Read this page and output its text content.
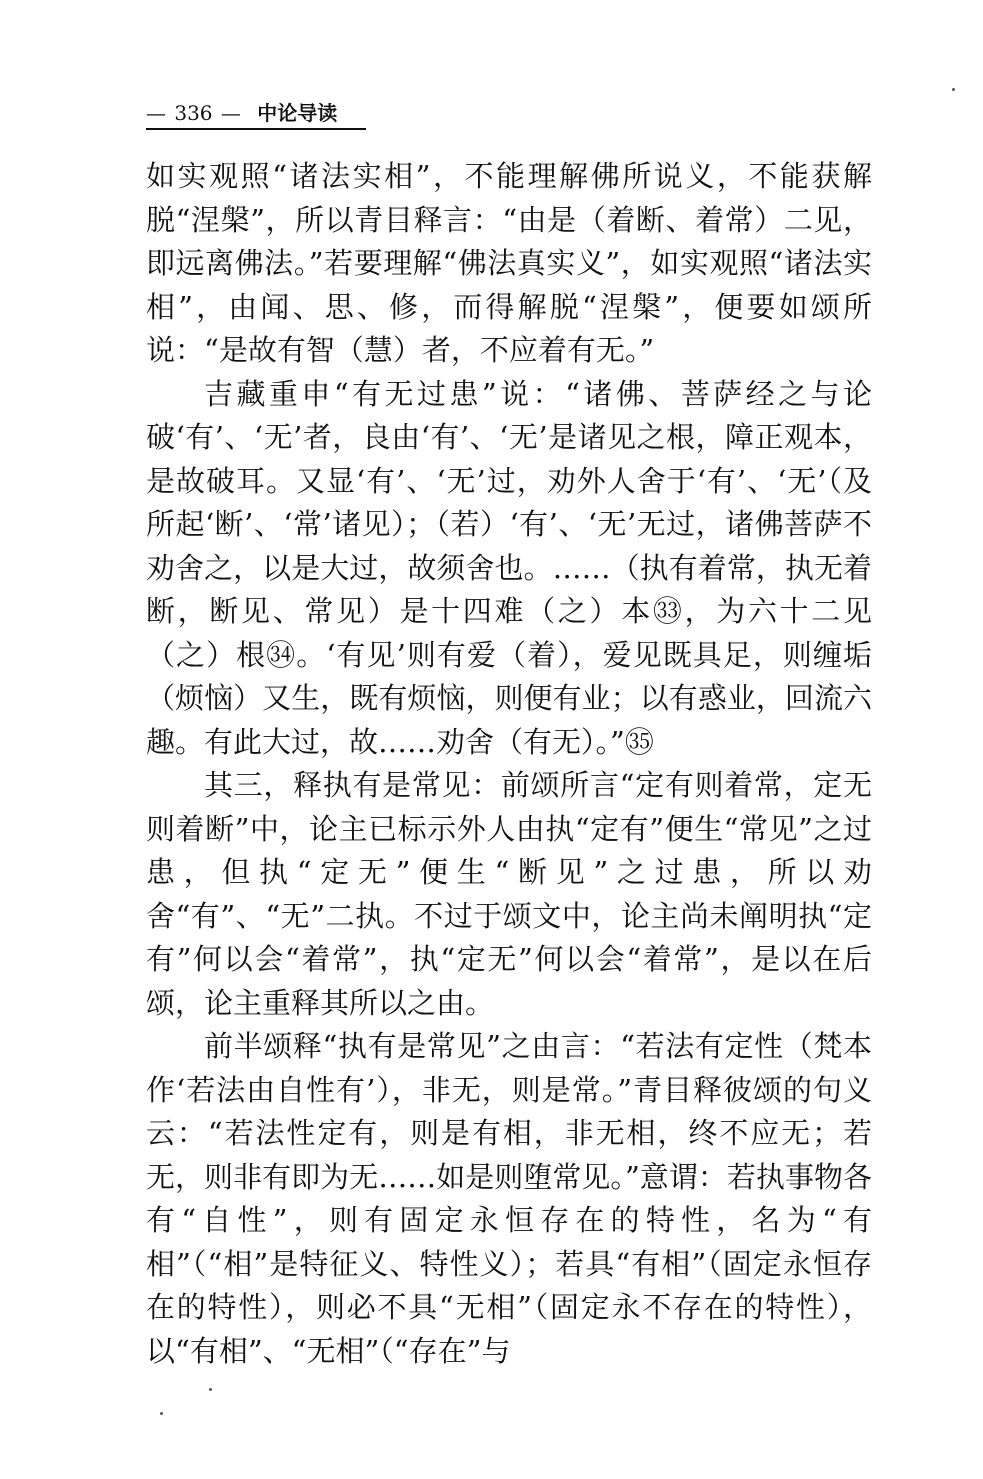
— 336 — 中论导读

如实观照“诸法实相”，不能理解佛所说义，不能获解脱“涅槃”，所以青目释言：“由是（着断、着常）二见，即远离佛法。”若要理解“佛法真实义”，如实观照“诸法实相”，由闻、思、修，而得解脱“涅槃”，便要如颂所说：“是故有智（慧）者，不应着有无。”

吉藏重申“有无过患”说：“诸佛、菩萨经之与论破‘有’、‘无’者，良由‘有’、‘无’是诸见之根，障正观本，是故破耳。又显‘有’、‘无’过，劝外人舍于‘有’、‘无’（及所起‘断’、‘常’诸见）；（若）‘有’、‘无’无过，诸佛菩萨不劝舍之，以是大过，故须舍也。……（执有着常，执无着断，断见、常见）是十四难（之）本㉝，为六十二见（之）根㉞。‘有见’则有爱（着），爱见既具足，则缠垢（烦恼）又生，既有烦恼，则便有业；以有惑业，回流六趣。有此大过，故……劝舍（有无）。”㉟

其三，释执有是常见：前颂所言“定有则着常，定无则着断”中，论主已标示外人由执“定有”便生“常见”之过患，但执“定无”便生“断见”之过患，所以劝舍“有”、“无”二执。不过于颂文中，论主尚未阐明执“定有”何以会“着常”，执“定无”何以会“着常”，是以在后颂，论主重释其所以之由。

前半颂释“执有是常见”之由言：“若法有定性（梵本作‘若法由自性有’），非无，则是常。”青目释彼颂的句义云：“若法性定有，则是有相，非无相，终不应无；若无，则非有即为无……如是则堕常见。”意谓：若执事物各有“自性”，则有固定永恒存在的特性，名为“有相”（“相”是特征义、特性义）；若具“有相”（固定永恒存在的特性），则必不具“无相”（固定永不存在的特性），以“有相”、“无相”（“存在”与
